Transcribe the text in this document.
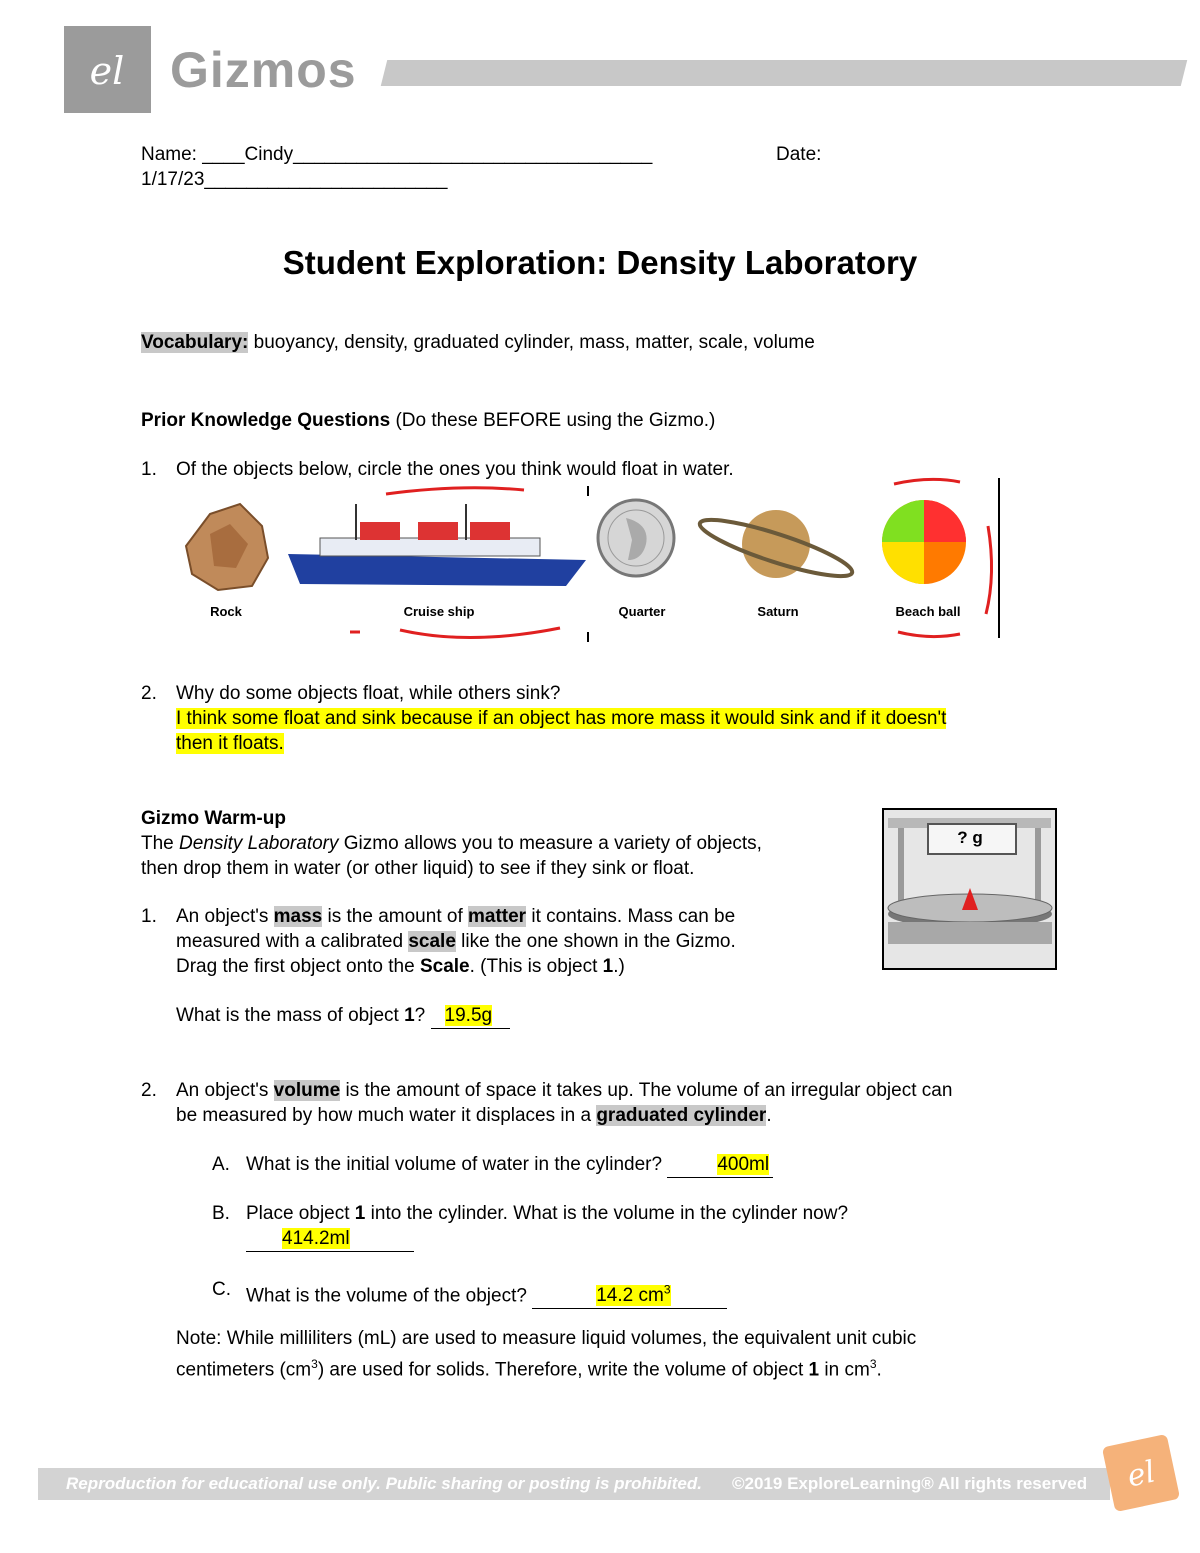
el Gizmos
Name: ____Cindy__________________________________	Date:
1/17/23_______________________
Student Exploration: Density Laboratory
Vocabulary: buoyancy, density, graduated cylinder, mass, matter, scale, volume
Prior Knowledge Questions (Do these BEFORE using the Gizmo.)
1. Of the objects below, circle the ones you think would float in water.
Rock	Cruise ship	Quarter	Saturn	Beach ball
2. Why do some objects float, while others sink?
I think some float and sink because if an object has more mass it would sink and if it doesn't
then it floats.
Gizmo Warm-up
The Density Laboratory Gizmo allows you to measure a variety of objects,
then drop them in water (or other liquid) to see if they sink or float.
? g
1. An object's mass is the amount of matter it contains. Mass can be
measured with a calibrated scale like the one shown in the Gizmo.
Drag the first object onto the Scale. (This is object 1.)
What is the mass of object 1? 19.5g
2. An object's volume is the amount of space it takes up. The volume of an irregular object can
be measured by how much water it displaces in a graduated cylinder.
A. What is the initial volume of water in the cylinder?	400ml
B. Place object 1 into the cylinder. What is the volume in the cylinder now?
414.2ml
C. What is the volume of the object?	14.2 $cm^3$
Note: While milliliters (mL) are used to measure liquid volumes, the equivalent unit cubic
centimeters $(cm^3)$ are used for solids. Therefore, write the volume of object 1 in $cm^3$.
Reproduction for educational use only. Public sharing or posting is prohibited. ©2019 ExploreLearning® All rights reserved el
